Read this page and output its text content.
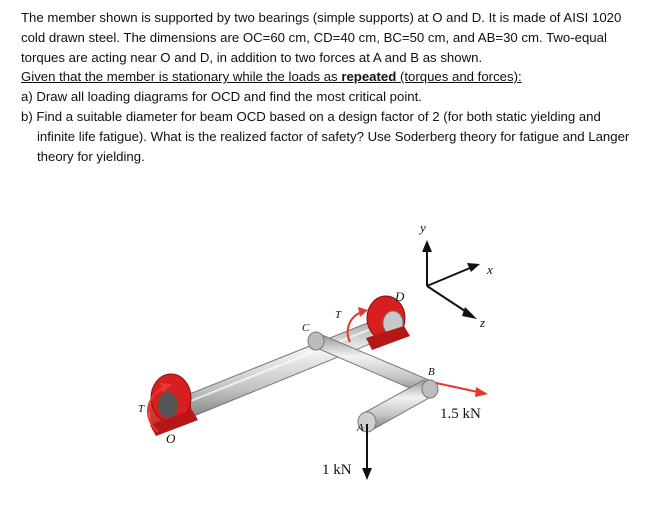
The member shown is supported by two bearings (simple supports) at O and D. It is made of AISI 1020 cold drawn steel. The dimensions are OC=60 cm, CD=40 cm, BC=50 cm, and AB=30 cm. Two-equal torques are acting near O and D, in addition to two forces at A and B as shown.

Given that the member is stationary while the loads as repeated (torques and forces):

a) Draw all loading diagrams for OCD and find the most critical point.

b) Find a suitable diameter for beam OCD based on a design factor of 2 (for both static yielding and infinite life fatigue). What is the realized factor of safety? Use Soderberg theory for fatigue and Langer theory for yielding.

y
x
z
D
C
B
A
O
T
T	1.5 kN
1 kN
